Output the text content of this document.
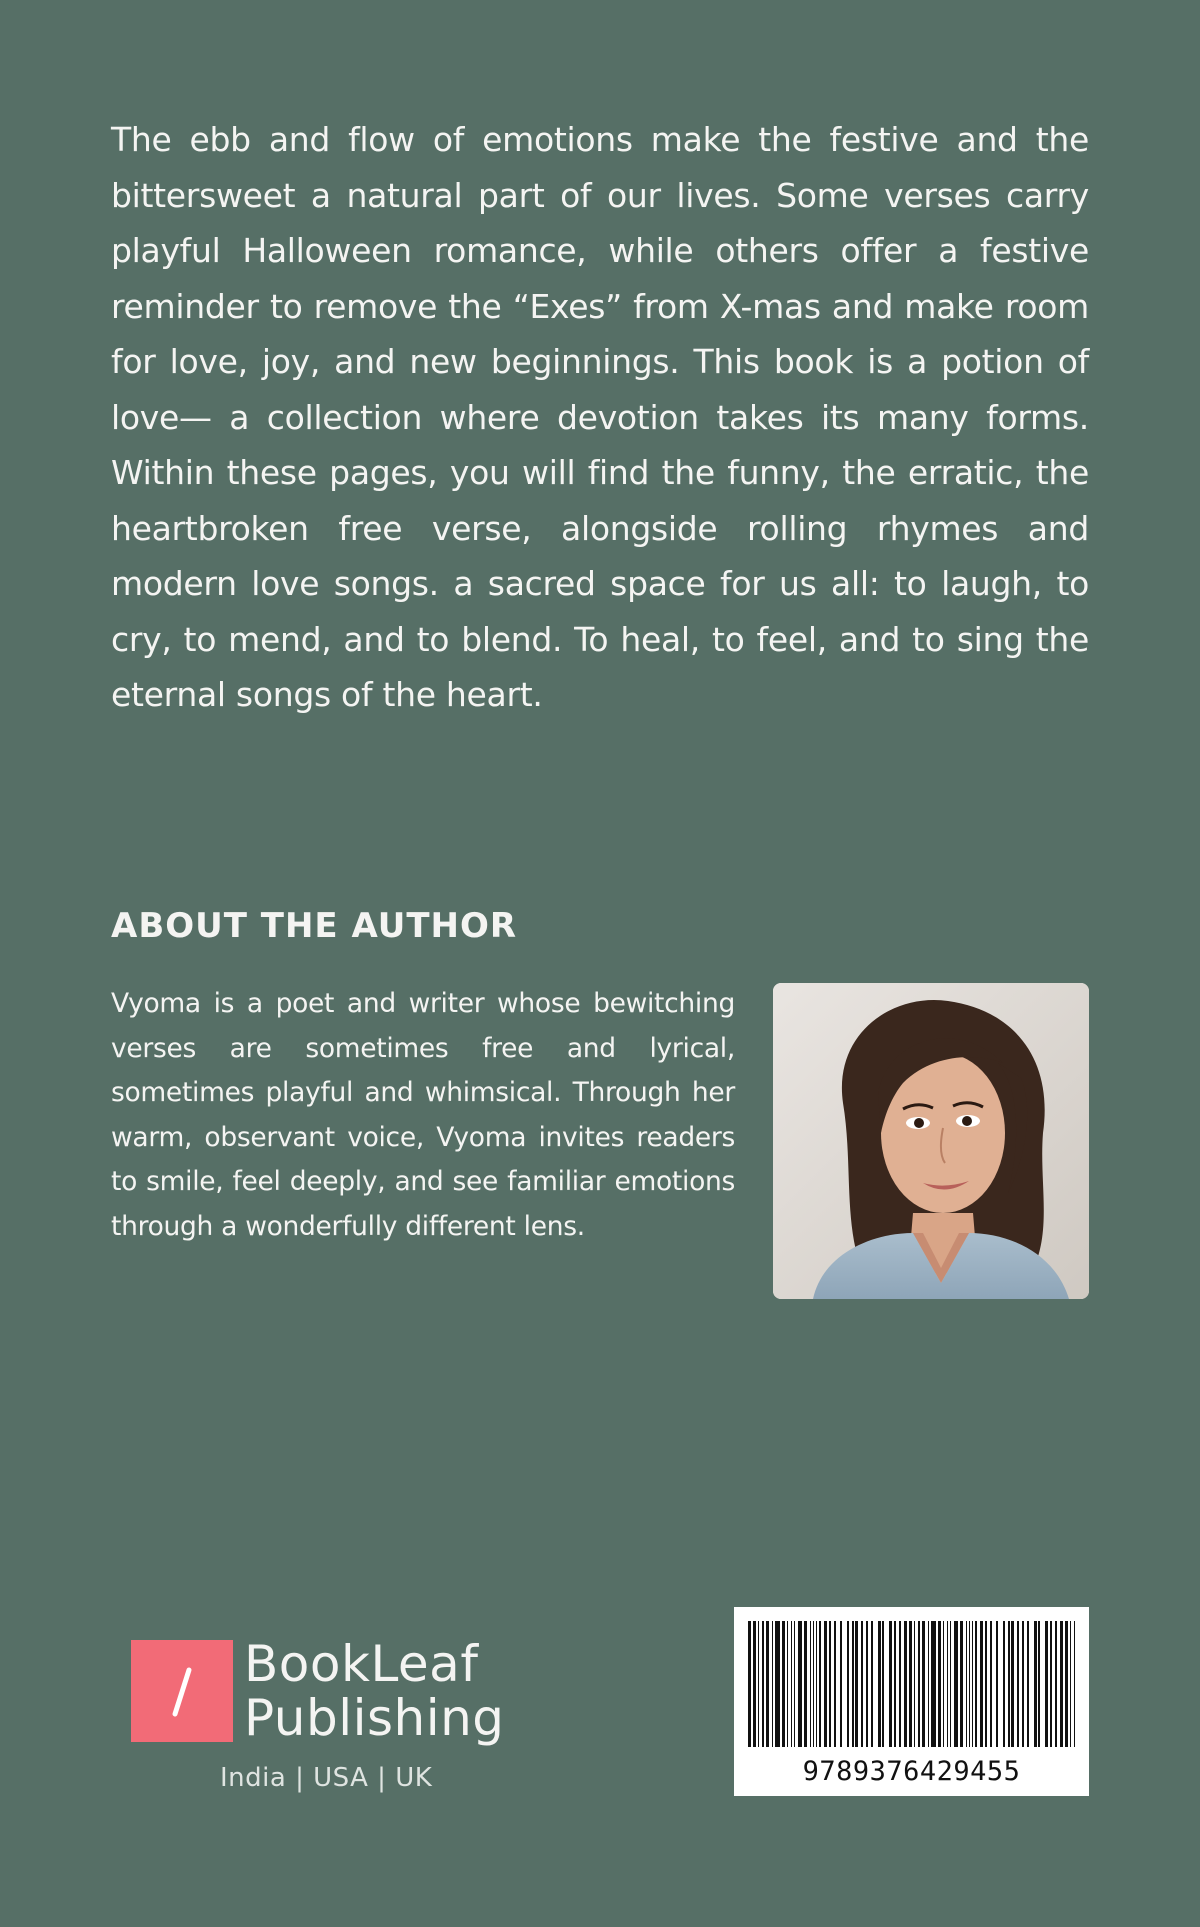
The ebb and flow of emotions make the festive and the bittersweet a natural part of our lives. Some verses carry playful Halloween romance, while others offer a festive reminder to remove the “Exes” from X-mas and make room for love, joy, and new beginnings. This book is a potion of love— a collection where devotion takes its many forms. Within these pages, you will find the funny, the erratic, the heartbroken free verse, alongside rolling rhymes and modern love songs. a sacred space for us all: to laugh, to cry, to mend, and to blend. To heal, to feel, and to sing the eternal songs of the heart.

ABOUT THE AUTHOR

Vyoma is a poet and writer whose bewitching verses are sometimes free and lyrical, sometimes playful and whimsical. Through her warm, observant voice, Vyoma invites readers to smile, feel deeply, and see familiar emotions through a wonderfully different lens.

BookLeaf
Publishing
India | USA | UK	9789376429455
